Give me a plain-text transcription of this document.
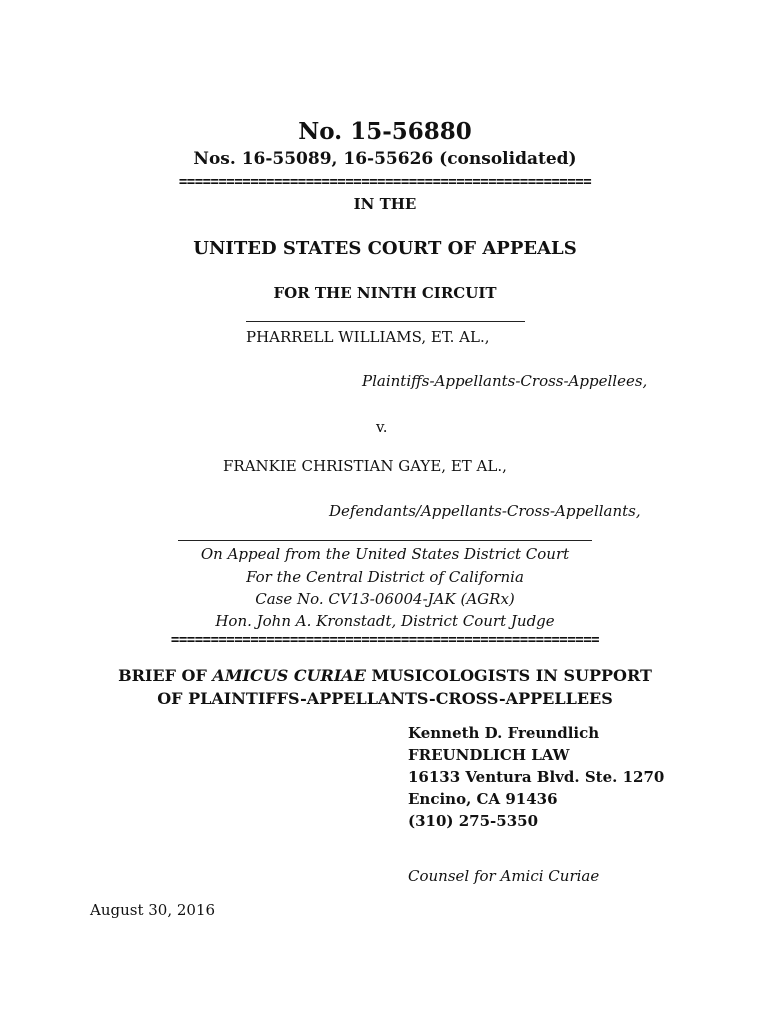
No. 15-56880
Nos. 16-55089, 16-55626 (consolidated)
====================================================
IN THE
UNITED STATES COURT OF APPEALS
FOR THE NINTH CIRCUIT
PHARRELL WILLIAMS, ET. AL.,
Plaintiffs-Appellants-Cross-Appellees,
v.
FRANKIE CHRISTIAN GAYE, ET AL.,
Defendants/Appellants-Cross-Appellants,
On Appeal from the United States District Court
For the Central District of California
Case No. CV13-06004-JAK (AGRx)
Hon. John A. Kronstadt, District Court Judge
======================================================
BRIEF OF AMICUS CURIAE MUSICOLOGISTS IN SUPPORT
OF PLAINTIFFS-APPELLANTS-CROSS-APPELLEES
Kenneth D. Freundlich
FREUNDLICH LAW
16133 Ventura Blvd. Ste. 1270
Encino, CA 91436
(310) 275-5350
Counsel for Amici Curiae
August 30, 2016
